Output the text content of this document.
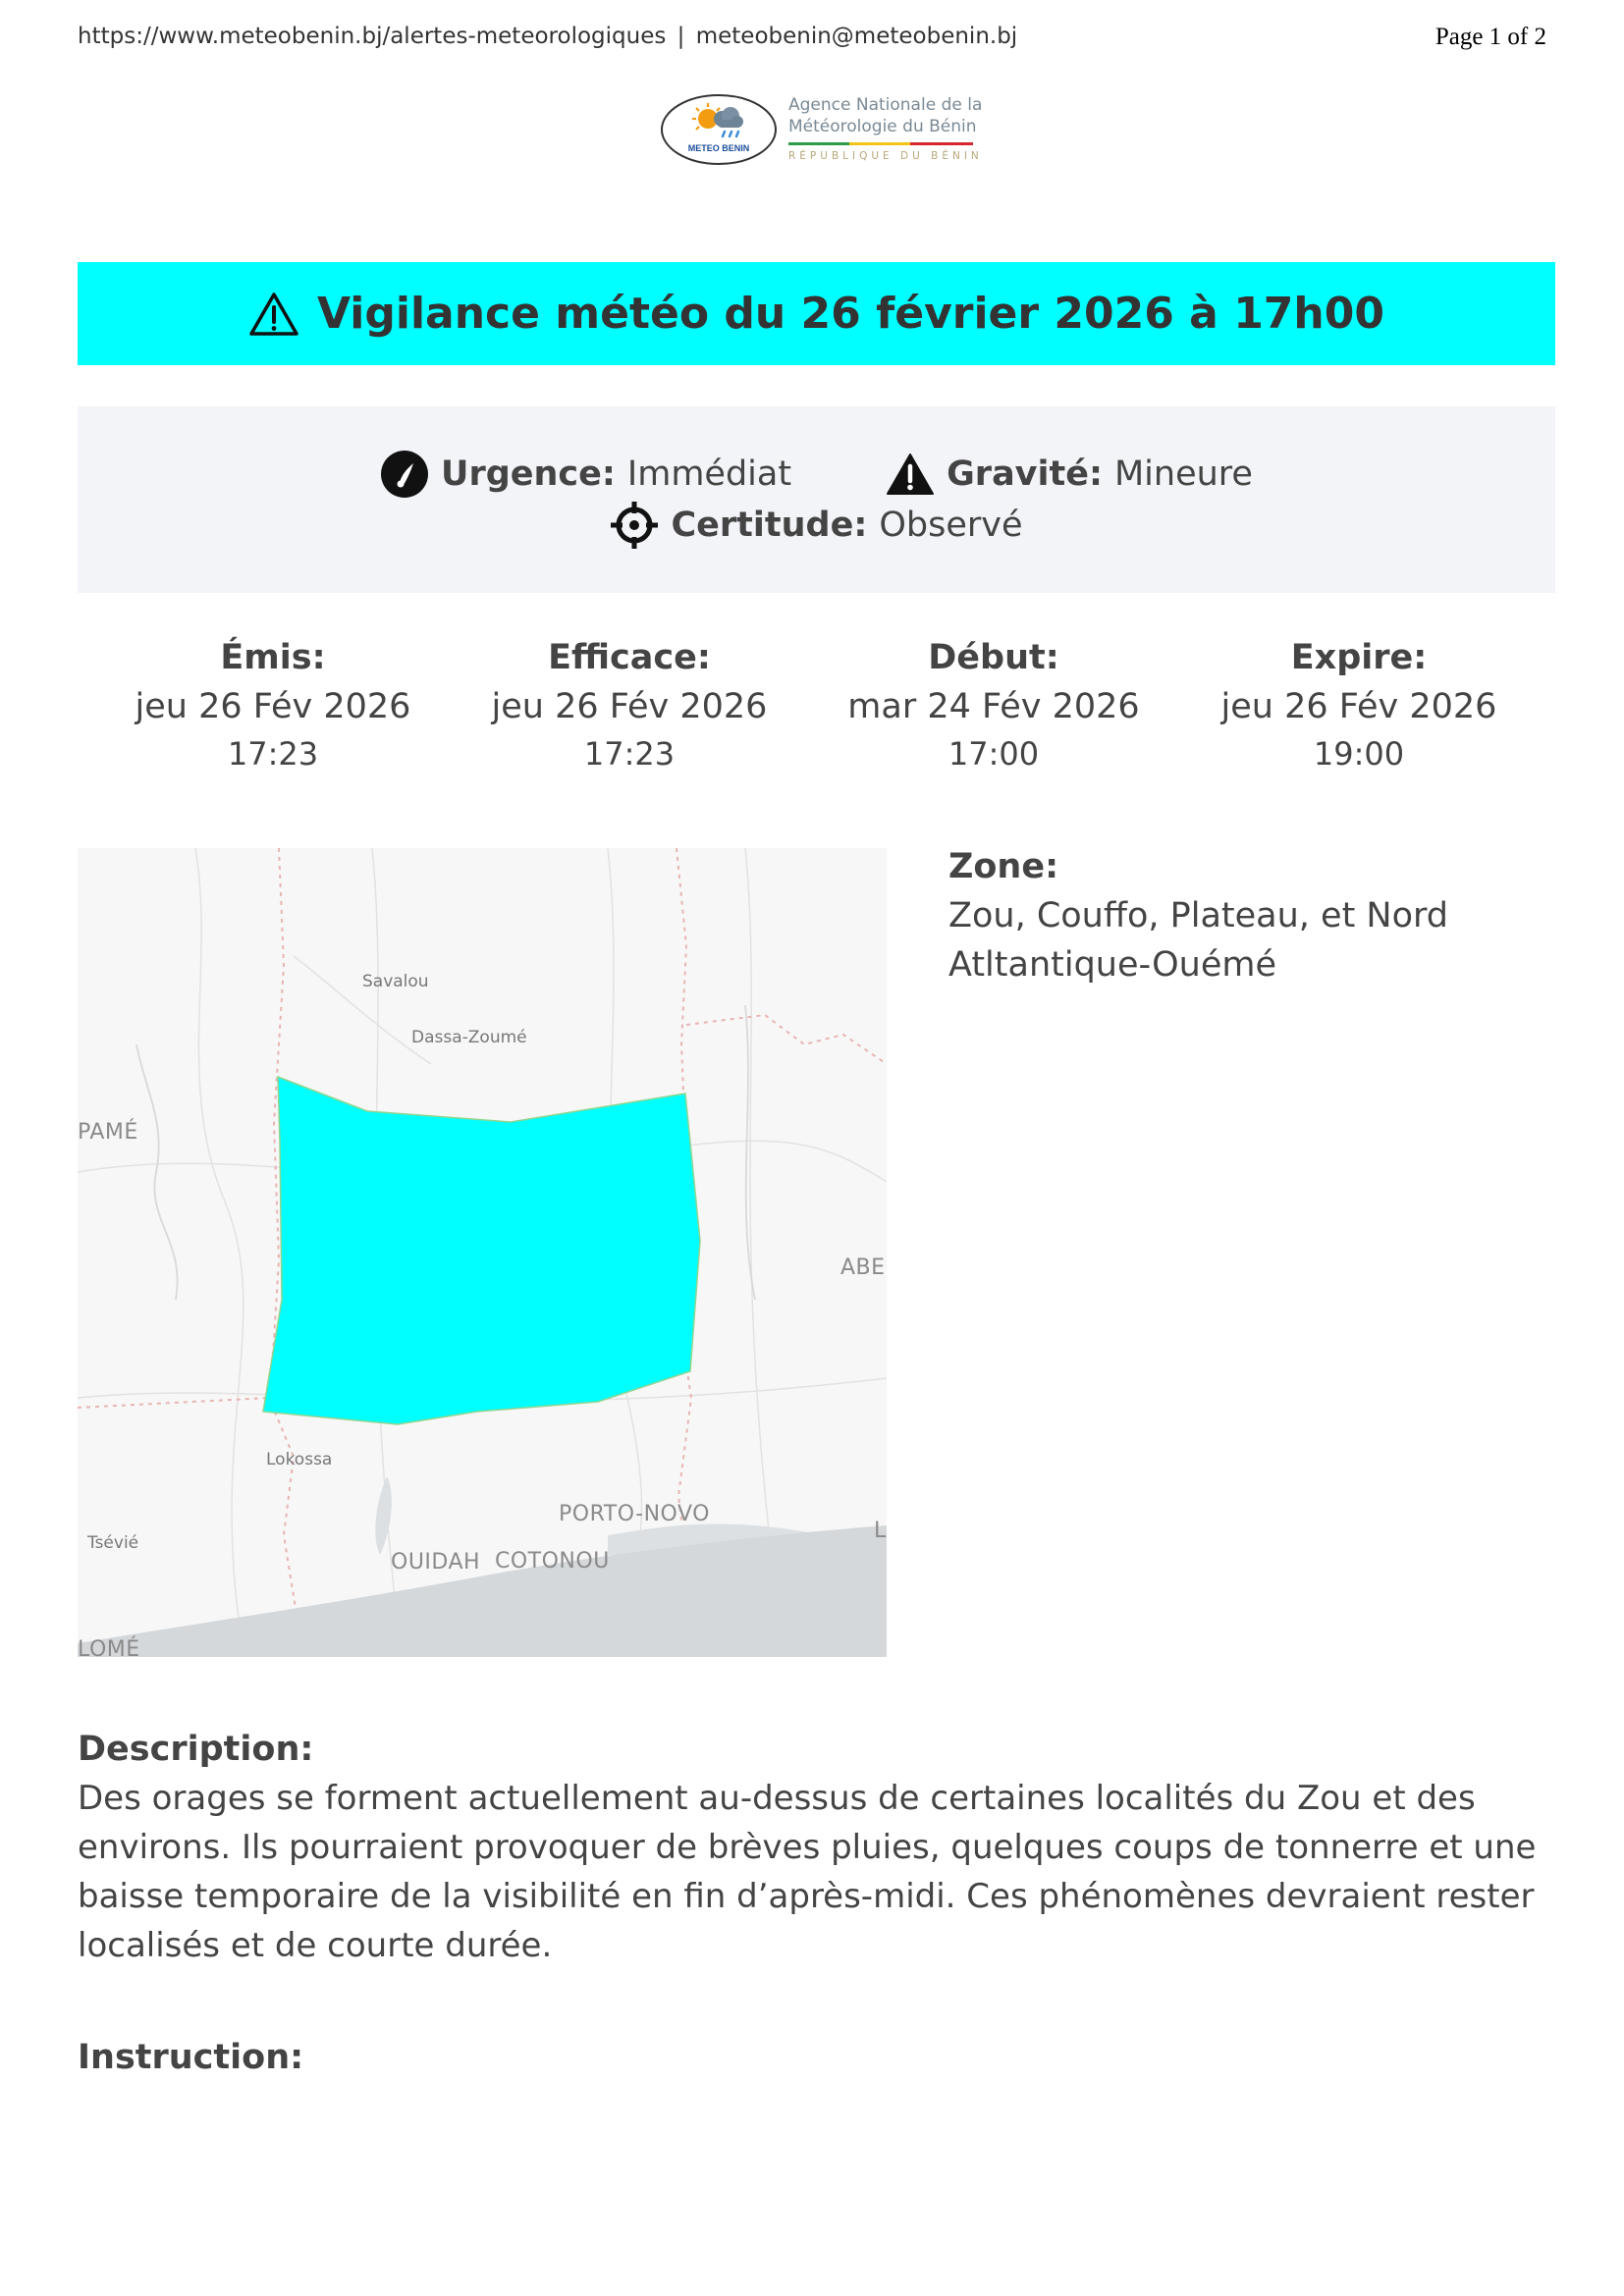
https://www.meteobenin.bj/alertes-meteorologiques | meteobenin@meteobenin.bj	Page 1 of 2
METEO BENIN
Agence Nationale de la
Météorologie du Bénin
RÉPUBLIQUE DU BÉNIN
Vigilance météo du 26 février 2026 à 17h00
Urgence: Immédiat	Gravité: Mineure
Certitude: Observé
Émis:
jeu 26 Fév 2026
17:23
Efficace:
jeu 26 Fév 2026
17:23
Début:
mar 24 Fév 2026
17:00
Expire:
jeu 26 Fév 2026
19:00
Savalou
Dassa-Zoumé
PAMÉ
ABE
Lokossa
PORTO-NOVO
Tsévié
OUIDAH COTONOU
L
LOMÉ
Zone:
Zou, Couffo, Plateau, et Nord
Atltantique-Ouémé
Description:
Des orages se forment actuellement au-dessus de certaines localités du Zou et des
environs. Ils pourraient provoquer de brèves pluies, quelques coups de tonnerre et une
baisse temporaire de la visibilité en fin d’après-midi. Ces phénomènes devraient rester
localisés et de courte durée.
Instruction:
